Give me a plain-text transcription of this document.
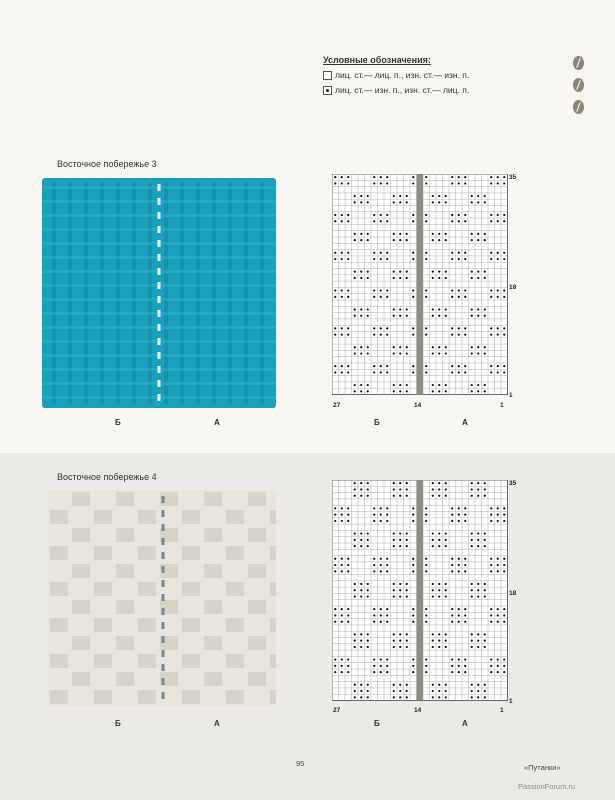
Условные обозначения:
лиц. ст.— лиц. п., изн. ст.— изн. п.
лиц. ст.— изн. п., изн. ст.— лиц. п.
Восточное побережье 3
Б	А
35
18
1
27	14	1
Б	А
Восточное побережье 4
Б	А
35
18
1
27	14	1
Б	А
95	«Путанки»
PassionForum.ru
